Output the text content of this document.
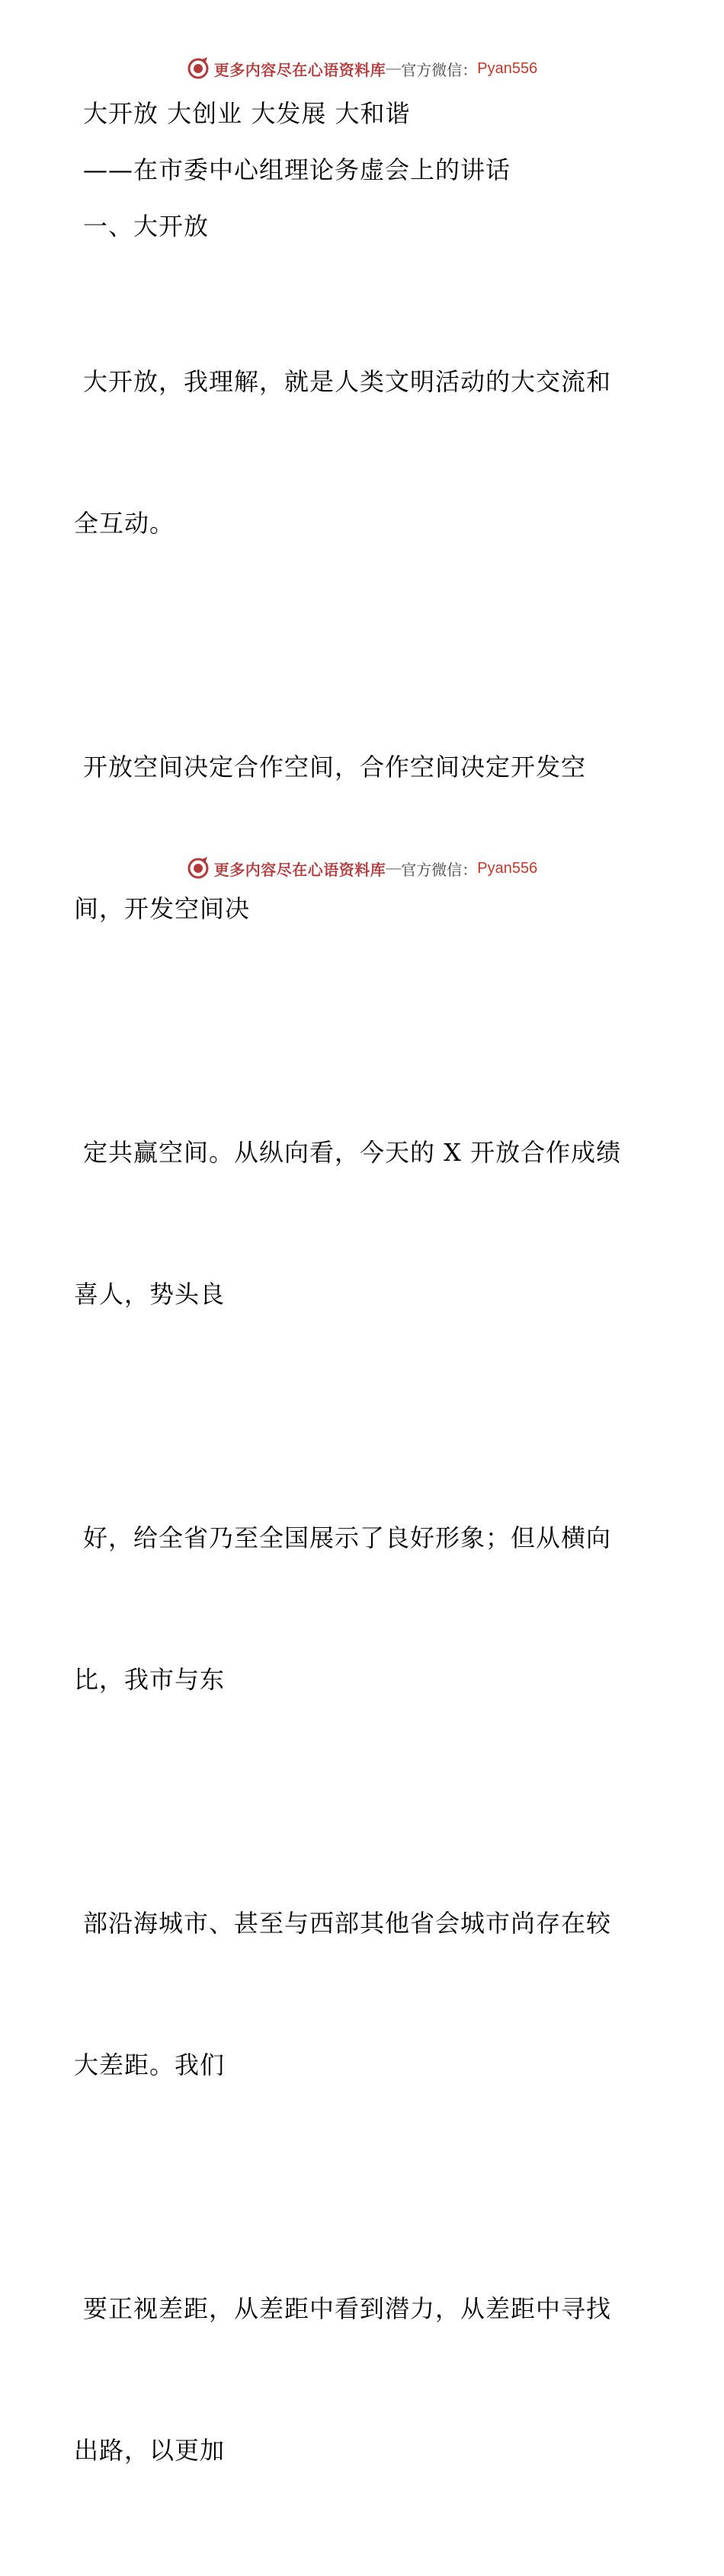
更多内容尽在心语资料库 — 官方微信： Pyan556
大开放 大创业 大发展 大和谐
——在市委中心组理论务虚会上的讲话
一、大开放

大开放，我理解，就是人类文明活动的大交流和

全互动。

开放空间决定合作空间，合作空间决定开发空

间，开发空间决

定共赢空间。从纵向看，今天的 X 开放合作成绩

喜人，势头良

好，给全省乃至全国展示了良好形象；但从横向

比，我市与东

部沿海城市、甚至与西部其他省会城市尚存在较

大差距。我们

要正视差距，从差距中看到潜力，从差距中寻找

出路，以更加

更多内容尽在心语资料库 — 官方微信： Pyan556
